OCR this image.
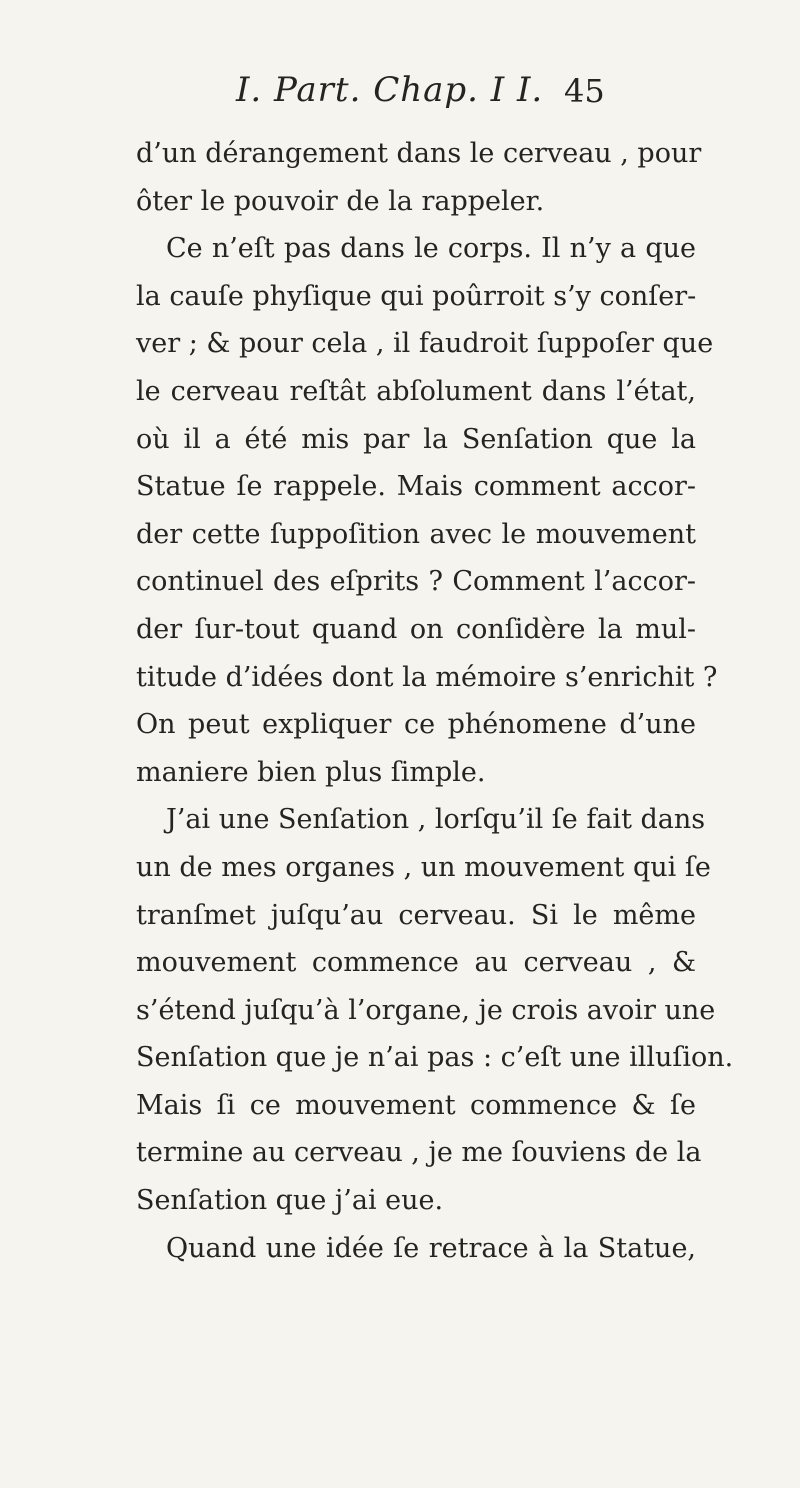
I. Part. Chap. I I. 45
d’un dérangement dans le cerveau , pour
ôter le pouvoir de la rappeler.
Ce n’eſt pas dans le corps. Il n’y a que
la cauſe phyſique qui poûrroit s’y conſer-
ver ; & pour cela , il faudroit ſuppoſer que
le cerveau reſtât abſolument dans l’état,
où il a été mis par la Senſation que la
Statue ſe rappele. Mais comment accor-
der cette ſuppoſition avec le mouvement
continuel des eſprits ? Comment l’accor-
der ſur-tout quand on conſidère la mul-
titude d’idées dont la mémoire s’enrichit ?
On peut expliquer ce phénomene d’une
maniere bien plus ſimple.
J’ai une Senſation , lorſqu’il ſe fait dans
un de mes organes , un mouvement qui ſe
tranſmet juſqu’au cerveau. Si le même
mouvement commence au cerveau , &
s’étend juſqu’à l’organe, je crois avoir une
Senſation que je n’ai pas : c’eſt une illuſion.
Mais ſi ce mouvement commence & ſe
termine au cerveau , je me ſouviens de la
Senſation que j’ai eue.
Quand une idée ſe retrace à la Statue,
